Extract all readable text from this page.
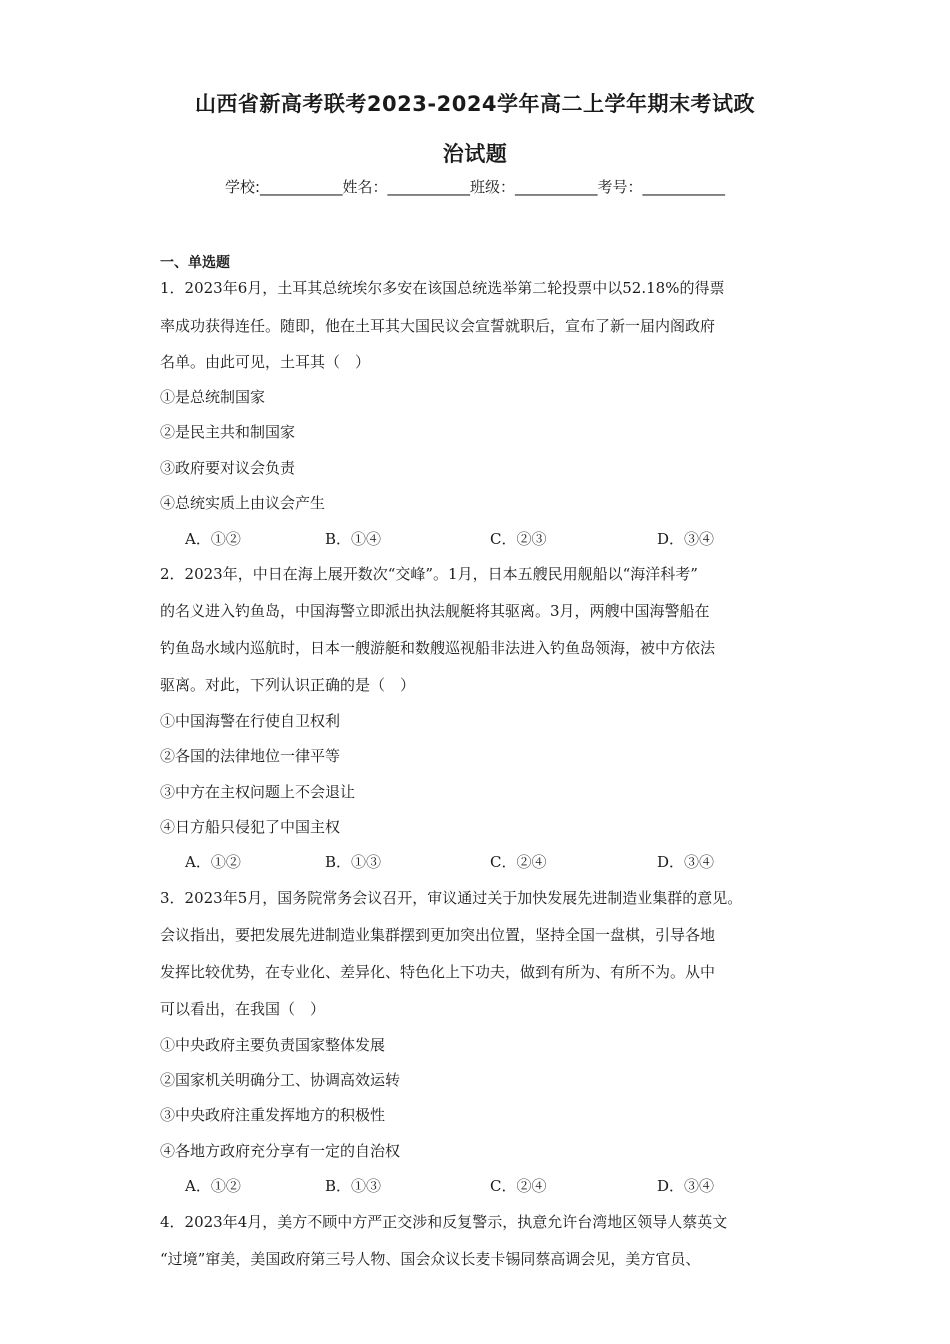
山西省新高考联考2023-2024学年高二上学年期末考试政
治试题
学校:___________姓名：___________班级：___________考号：___________
一、单选题
1．2023年6月，土耳其总统埃尔多安在该国总统选举第二轮投票中以52.18%的得票
率成功获得连任。随即，他在土耳其大国民议会宣誓就职后，宣布了新一届内阁政府
名单。由此可见，土耳其（　）
①是总统制国家
②是民主共和制国家
③政府要对议会负责
④总统实质上由议会产生
A．①②	B．①④	C．②③	D．③④
2．2023年，中日在海上展开数次“交峰”。1月，日本五艘民用舰船以“海洋科考”
的名义进入钓鱼岛，中国海警立即派出执法舰艇将其驱离。3月，两艘中国海警船在
钓鱼岛水域内巡航时，日本一艘游艇和数艘巡视船非法进入钓鱼岛领海，被中方依法
驱离。对此，下列认识正确的是（　）
①中国海警在行使自卫权利
②各国的法律地位一律平等
③中方在主权问题上不会退让
④日方船只侵犯了中国主权
A．①②	B．①③	C．②④	D．③④
3．2023年5月，国务院常务会议召开，审议通过关于加快发展先进制造业集群的意见。
会议指出，要把发展先进制造业集群摆到更加突出位置，坚持全国一盘棋，引导各地
发挥比较优势，在专业化、差异化、特色化上下功夫，做到有所为、有所不为。从中
可以看出，在我国（　）
①中央政府主要负责国家整体发展
②国家机关明确分工、协调高效运转
③中央政府注重发挥地方的积极性
④各地方政府充分享有一定的自治权
A．①②	B．①③	C．②④	D．③④
4．2023年4月，美方不顾中方严正交涉和反复警示，执意允许台湾地区领导人蔡英文
“过境”窜美，美国政府第三号人物、国会众议长麦卡锡同蔡高调会见，美方官员、
